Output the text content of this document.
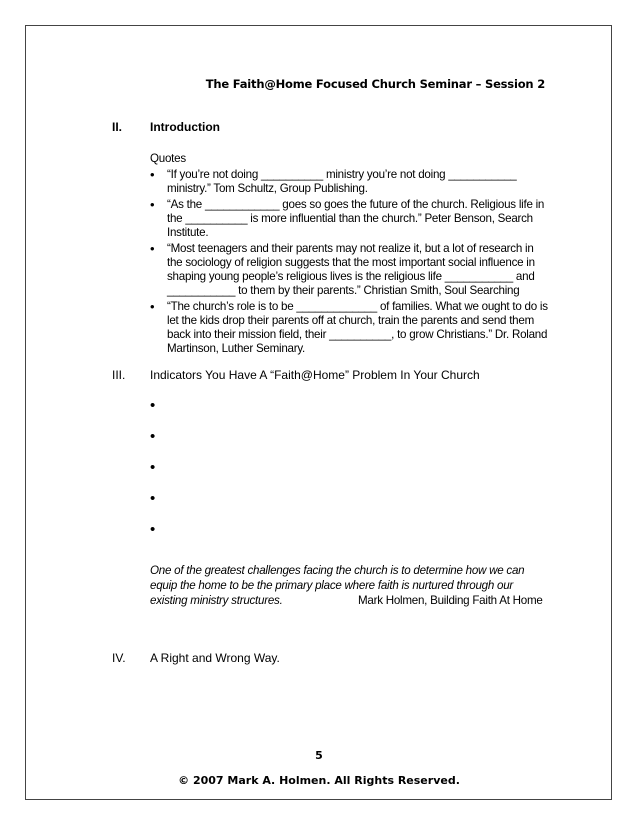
The Faith@Home Focused Church Seminar – Session 2
II. Introduction
Quotes
• “If you’re not doing __________ ministry you’re not doing ___________ ministry.” Tom Schultz, Group Publishing.
• “As the ____________ goes so goes the future of the church. Religious life in the __________ is more influential than the church.” Peter Benson, Search Institute.
• “Most teenagers and their parents may not realize it, but a lot of research in the sociology of religion suggests that the most important social influence in shaping young people’s religious lives is the religious life ___________ and ___________ to them by their parents.” Christian Smith, Soul Searching
• “The church’s role is to be _____________ of families. What we ought to do is let the kids drop their parents off at church, train the parents and send them back into their mission field, their __________, to grow Christians.” Dr. Roland Martinson, Luther Seminary.
III. Indicators You Have A “Faith@Home” Problem In Your Church
•
•
•
•
•
One of the greatest challenges facing the church is to determine how we can equip the home to be the primary place where faith is nurtured through our existing ministry structures.	Mark Holmen, Building Faith At Home
IV. A Right and Wrong Way.
5
© 2007 Mark A. Holmen. All Rights Reserved.
